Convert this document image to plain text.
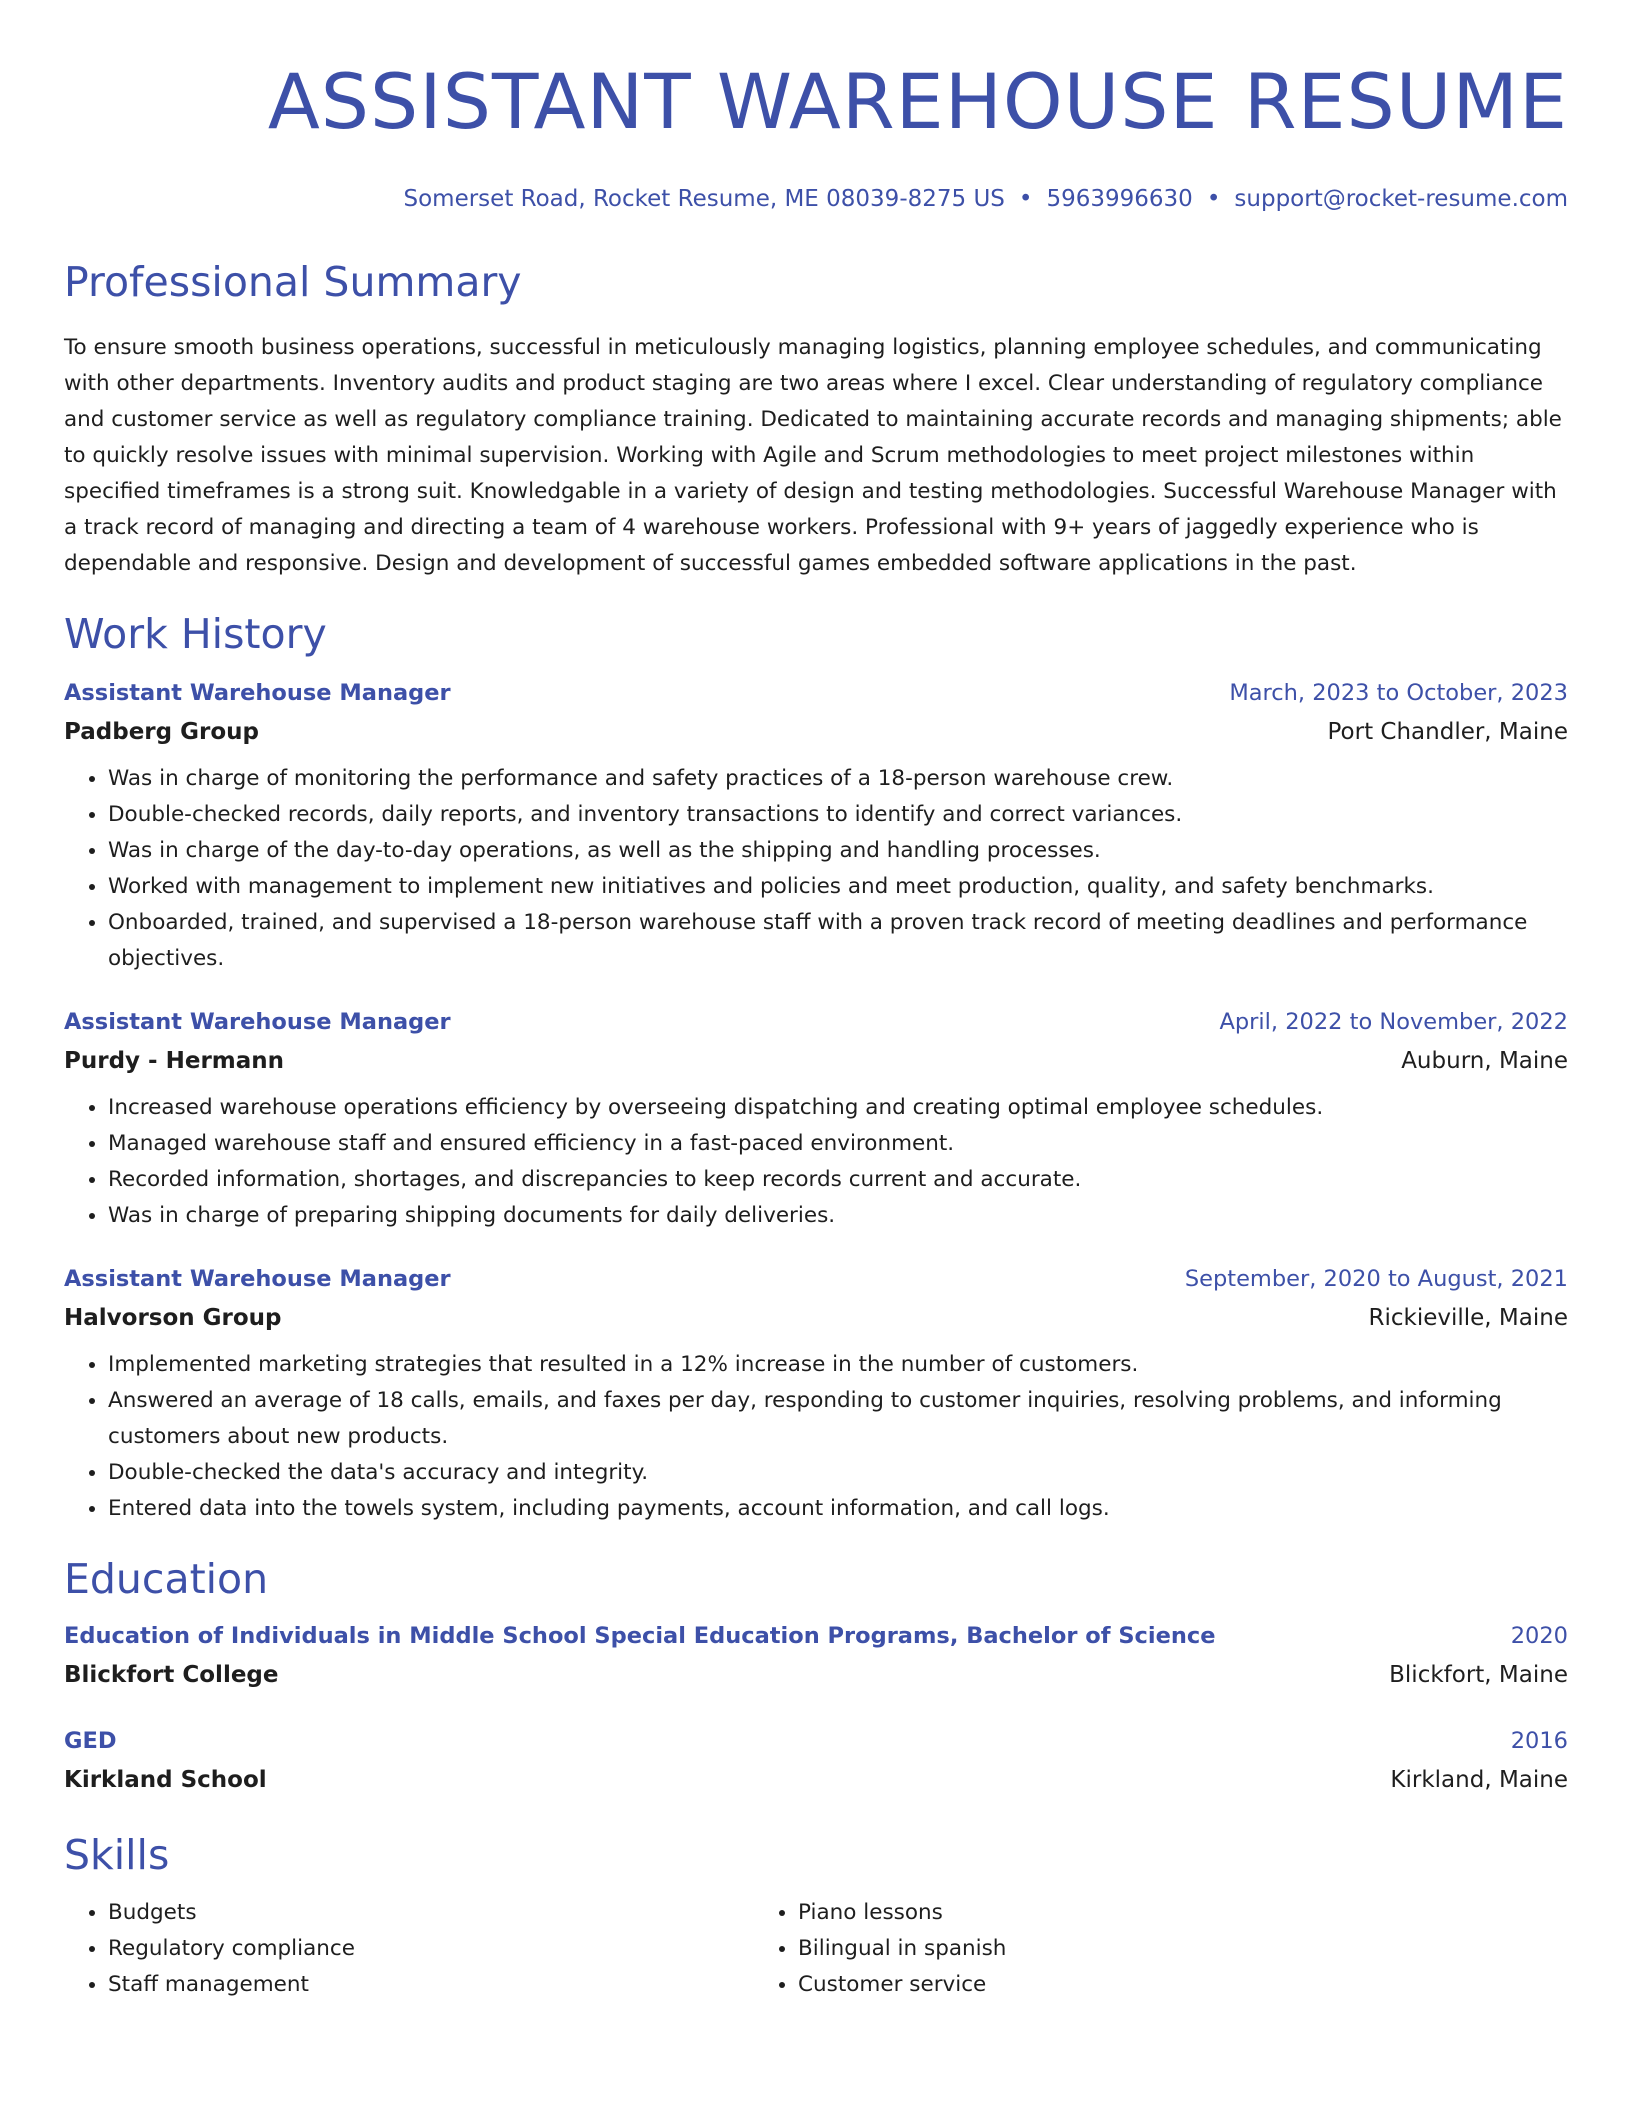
ASSISTANT WAREHOUSE RESUME
Somerset Road, Rocket Resume, ME 08039-8275 US • 5963996630 • support@rocket-resume.com
Professional Summary
To ensure smooth business operations, successful in meticulously managing logistics, planning employee schedules, and communicating with other departments. Inventory audits and product staging are two areas where I excel. Clear understanding of regulatory compliance and customer service as well as regulatory compliance training. Dedicated to maintaining accurate records and managing shipments; able to quickly resolve issues with minimal supervision. Working with Agile and Scrum methodologies to meet project milestones within specified timeframes is a strong suit. Knowledgable in a variety of design and testing methodologies. Successful Warehouse Manager with a track record of managing and directing a team of 4 warehouse workers. Professional with 9+ years of jaggedly experience who is dependable and responsive. Design and development of successful games embedded software applications in the past.
Work History
Assistant Warehouse Manager	March, 2023 to October, 2023
Padberg Group	Port Chandler, Maine
• Was in charge of monitoring the performance and safety practices of a 18-person warehouse crew.
• Double-checked records, daily reports, and inventory transactions to identify and correct variances.
• Was in charge of the day-to-day operations, as well as the shipping and handling processes.
• Worked with management to implement new initiatives and policies and meet production, quality, and safety benchmarks.
• Onboarded, trained, and supervised a 18-person warehouse staff with a proven track record of meeting deadlines and performance objectives.
Assistant Warehouse Manager	April, 2022 to November, 2022
Purdy - Hermann	Auburn, Maine
• Increased warehouse operations efficiency by overseeing dispatching and creating optimal employee schedules.
• Managed warehouse staff and ensured efficiency in a fast-paced environment.
• Recorded information, shortages, and discrepancies to keep records current and accurate.
• Was in charge of preparing shipping documents for daily deliveries.
Assistant Warehouse Manager	September, 2020 to August, 2021
Halvorson Group	Rickieville, Maine
• Implemented marketing strategies that resulted in a 12% increase in the number of customers.
• Answered an average of 18 calls, emails, and faxes per day, responding to customer inquiries, resolving problems, and informing customers about new products.
• Double-checked the data's accuracy and integrity.
• Entered data into the towels system, including payments, account information, and call logs.
Education
Education of Individuals in Middle School Special Education Programs, Bachelor of Science	2020
Blickfort College	Blickfort, Maine
GED	2016
Kirkland School	Kirkland, Maine
Skills
• Budgets
• Regulatory compliance
• Staff management
• Piano lessons
• Bilingual in spanish
• Customer service
